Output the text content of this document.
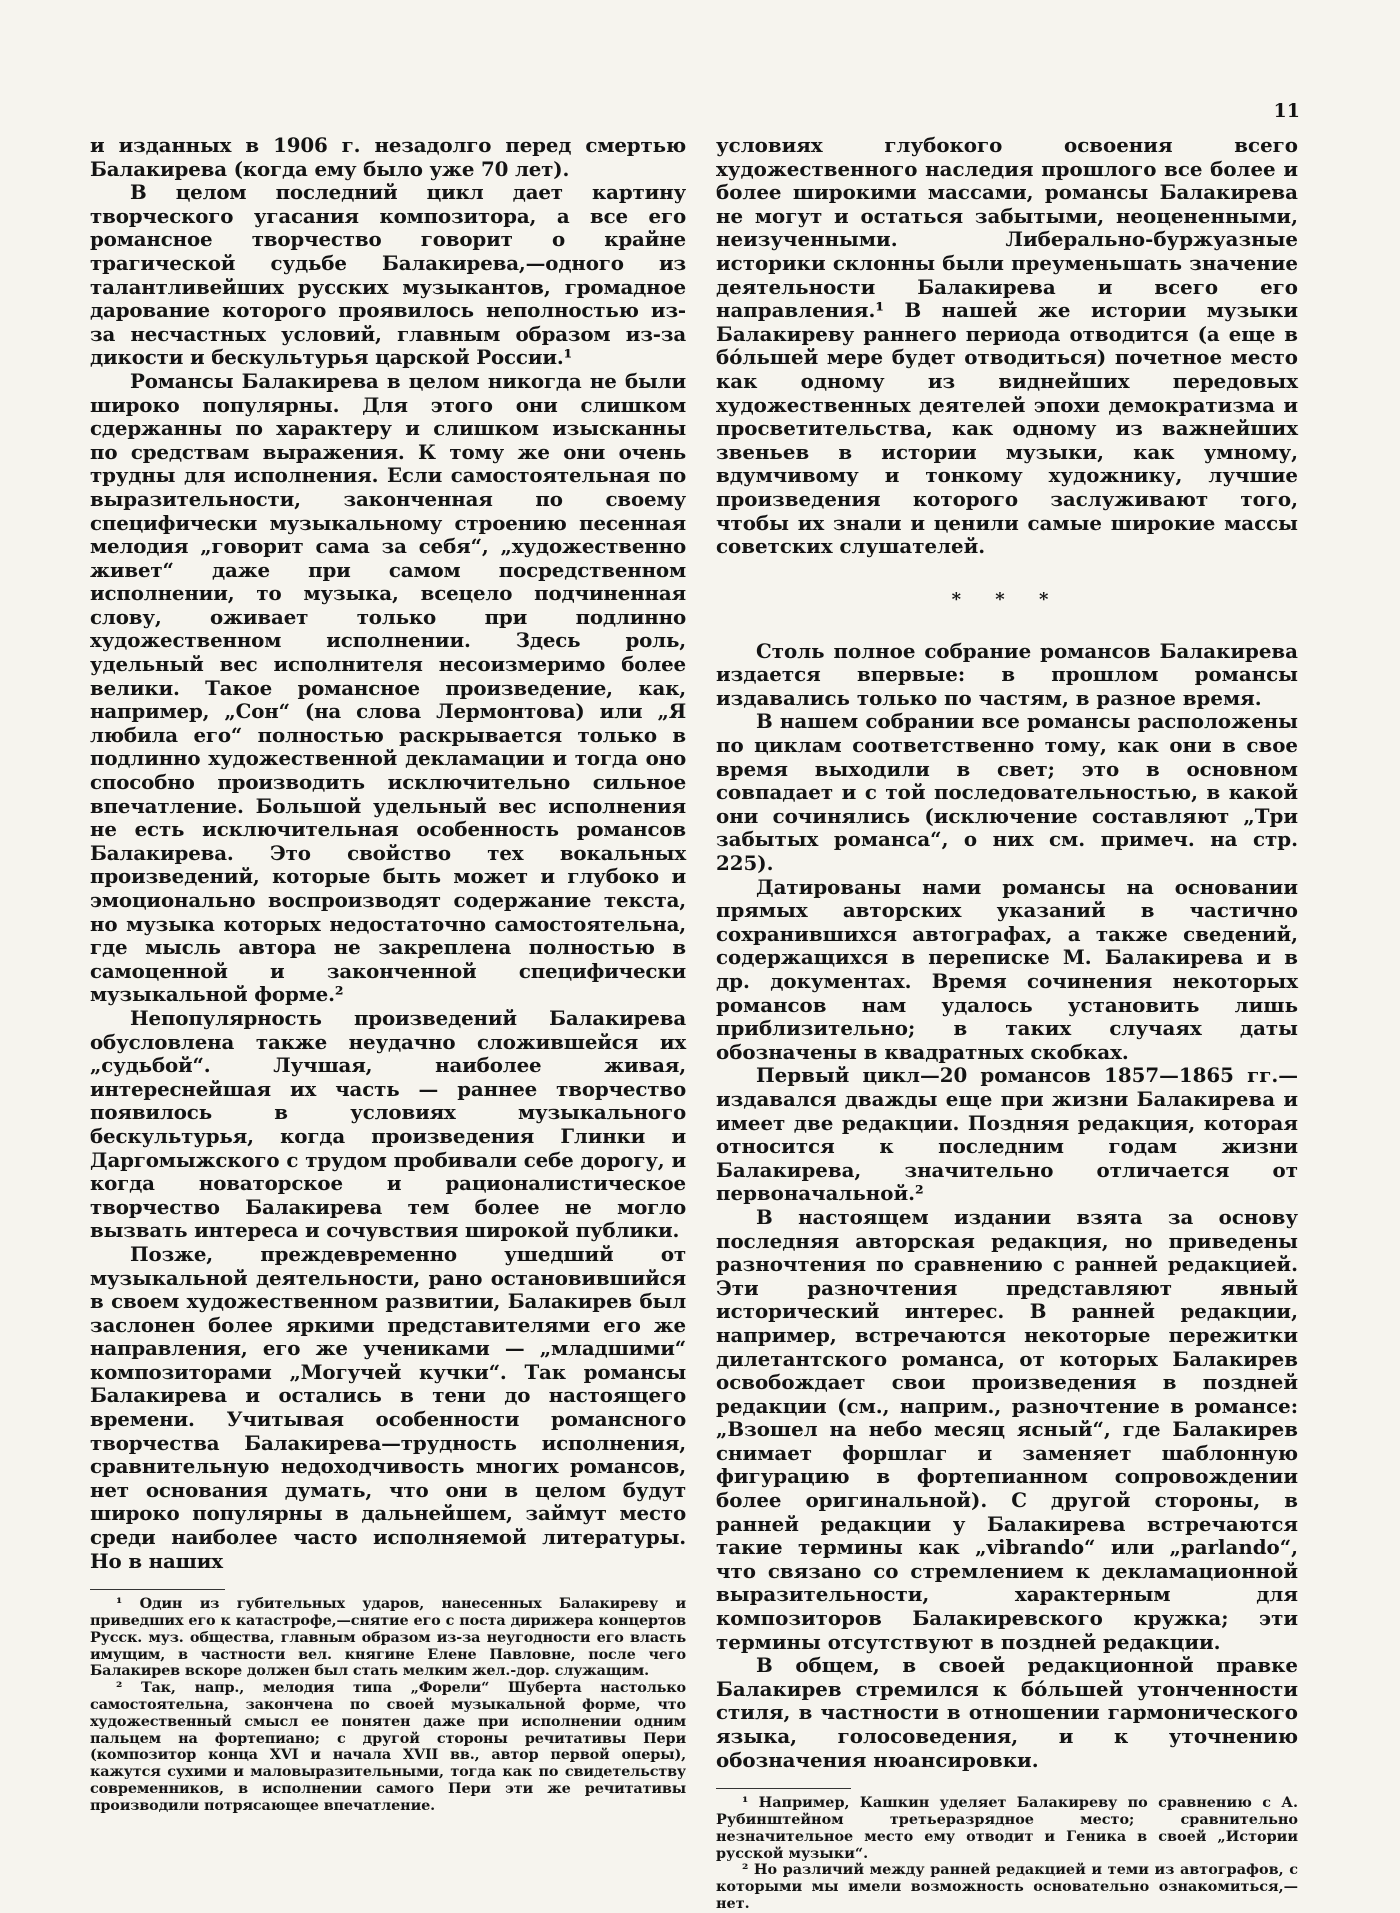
11

и изданных в 1906 г. незадолго перед смертью Балакирева (когда ему было уже 70 лет).

В целом последний цикл дает картину творческого угасания композитора, а все его романсное творчество говорит о крайне трагической судьбе Балакирева,—одного из талантливейших русских музыкантов, громадное дарование которого проявилось неполностью из-за несчастных условий, главным образом из-за дикости и бескультурья царской России.¹

Романсы Балакирева в целом никогда не были широко популярны. Для этого они слишком сдержанны по характеру и слишком изысканны по средствам выражения. К тому же они очень трудны для исполнения. Если самостоятельная по выразительности, законченная по своему специфически музыкальному строению песенная мелодия „говорит сама за себя“, „художественно живет“ даже при самом посредственном исполнении, то музыка, всецело подчиненная слову, оживает только при подлинно художественном исполнении. Здесь роль, удельный вес исполнителя несоизмеримо более велики. Такое романсное произведение, как, например, „Сон“ (на слова Лермонтова) или „Я любила его“ полностью раскрывается только в подлинно художественной декламации и тогда оно способно производить исключительно сильное впечатление. Большой удельный вес исполнения не есть исключительная особенность романсов Балакирева. Это свойство тех вокальных произведений, которые быть может и глубоко и эмоционально воспроизводят содержание текста, но музыка которых недостаточно самостоятельна, где мысль автора не закреплена полностью в самоценной и законченной специфически музыкальной форме.²

Непопулярность произведений Балакирева обусловлена также неудачно сложившейся их „судьбой“. Лучшая, наиболее живая, интереснейшая их часть — раннее творчество появилось в условиях музыкального бескультурья, когда произведения Глинки и Даргомыжского с трудом пробивали себе дорогу, и когда новаторское и рационалистическое творчество Балакирева тем более не могло вызвать интереса и сочувствия широкой публики.

Позже, преждевременно ушедший от музыкальной деятельности, рано остановившийся в своем художественном развитии, Балакирев был заслонен более яркими представителями его же направления, его же учениками — „младшими“ композиторами „Могучей кучки“. Так романсы Балакирева и остались в тени до настоящего времени. Учитывая особенности романсного творчества Балакирева—трудность исполнения, сравнительную недоходчивость многих романсов, нет основания думать, что они в целом будут широко популярны в дальнейшем, займут место среди наиболее часто исполняемой литературы. Но в наших

¹ Один из губительных ударов, нанесенных Балакиреву и приведших его к катастрофе,—снятие его с поста дирижера концертов Русск. муз. общества, главным образом из-за неугодности его власть имущим, в частности вел. княгине Елене Павловне, после чего Балакирев вскоре должен был стать мелким жел.-дор. служащим.

² Так, напр., мелодия типа „Форели“ Шуберта настолько самостоятельна, закончена по своей музыкальной форме, что художественный смысл ее понятен даже при исполнении одним пальцем на фортепиано; с другой стороны речитативы Пери (композитор конца XVI и начала XVII вв., автор первой оперы), кажутся сухими и маловыразительными, тогда как по свидетельству современников, в исполнении самого Пери эти же речитативы производили потрясающее впечатление.

условиях глубокого освоения всего художественного наследия прошлого все более и более широкими массами, романсы Балакирева не могут и остаться забытыми, неоцененными, неизученными. Либерально-буржуазные историки склонны были преуменьшать значение деятельности Балакирева и всего его направления.¹ В нашей же истории музыки Балакиреву раннего периода отводится (а еще в бо́льшей мере будет отводиться) почетное место как одному из виднейших передовых художественных деятелей эпохи демократизма и просветительства, как одному из важнейших звеньев в истории музыки, как умному, вдумчивому и тонкому художнику, лучшие произведения которого заслуживают того, чтобы их знали и ценили самые широкие массы советских слушателей.

* * *

Столь полное собрание романсов Балакирева издается впервые: в прошлом романсы издавались только по частям, в разное время.

В нашем собрании все романсы расположены по циклам соответственно тому, как они в свое время выходили в свет; это в основном совпадает и с той последовательностью, в какой они сочинялись (исключение составляют „Три забытых романса“, о них см. примеч. на стр. 225).

Датированы нами романсы на основании прямых авторских указаний в частично сохранившихся автографах, а также сведений, содержащихся в переписке М. Балакирева и в др. документах. Время сочинения некоторых романсов нам удалось установить лишь приблизительно; в таких случаях даты обозначены в квадратных скобках.

Первый цикл—20 романсов 1857—1865 гг.— издавался дважды еще при жизни Балакирева и имеет две редакции. Поздняя редакция, которая относится к последним годам жизни Балакирева, значительно отличается от первоначальной.²

В настоящем издании взята за основу последняя авторская редакция, но приведены разночтения по сравнению с ранней редакцией. Эти разночтения представляют явный исторический интерес. В ранней редакции, например, встречаются некоторые пережитки дилетантского романса, от которых Балакирев освобождает свои произведения в поздней редакции (см., наприм., разночтение в романсе: „Взошел на небо месяц ясный“, где Балакирев снимает форшлаг и заменяет шаблонную фигурацию в фортепианном сопровождении более оригинальной). С другой стороны, в ранней редакции у Балакирева встречаются такие термины как „vibrando“ или „parlando“, что связано со стремлением к декламационной выразительности, характерным для композиторов Балакиревского кружка; эти термины отсутствуют в поздней редакции.

В общем, в своей редакционной правке Балакирев стремился к бо́льшей утонченности стиля, в частности в отношении гармонического языка, голосоведения, и к уточнению обозначения нюансировки.

¹ Например, Кашкин уделяет Балакиреву по сравнению с А. Рубинштейном третьеразрядное место; сравнительно незначительное место ему отводит и Геника в своей „Истории русской музыки“.

² Но различий между ранней редакцией и теми из автографов, с которыми мы имели возможность основательно ознакомиться,—нет.
